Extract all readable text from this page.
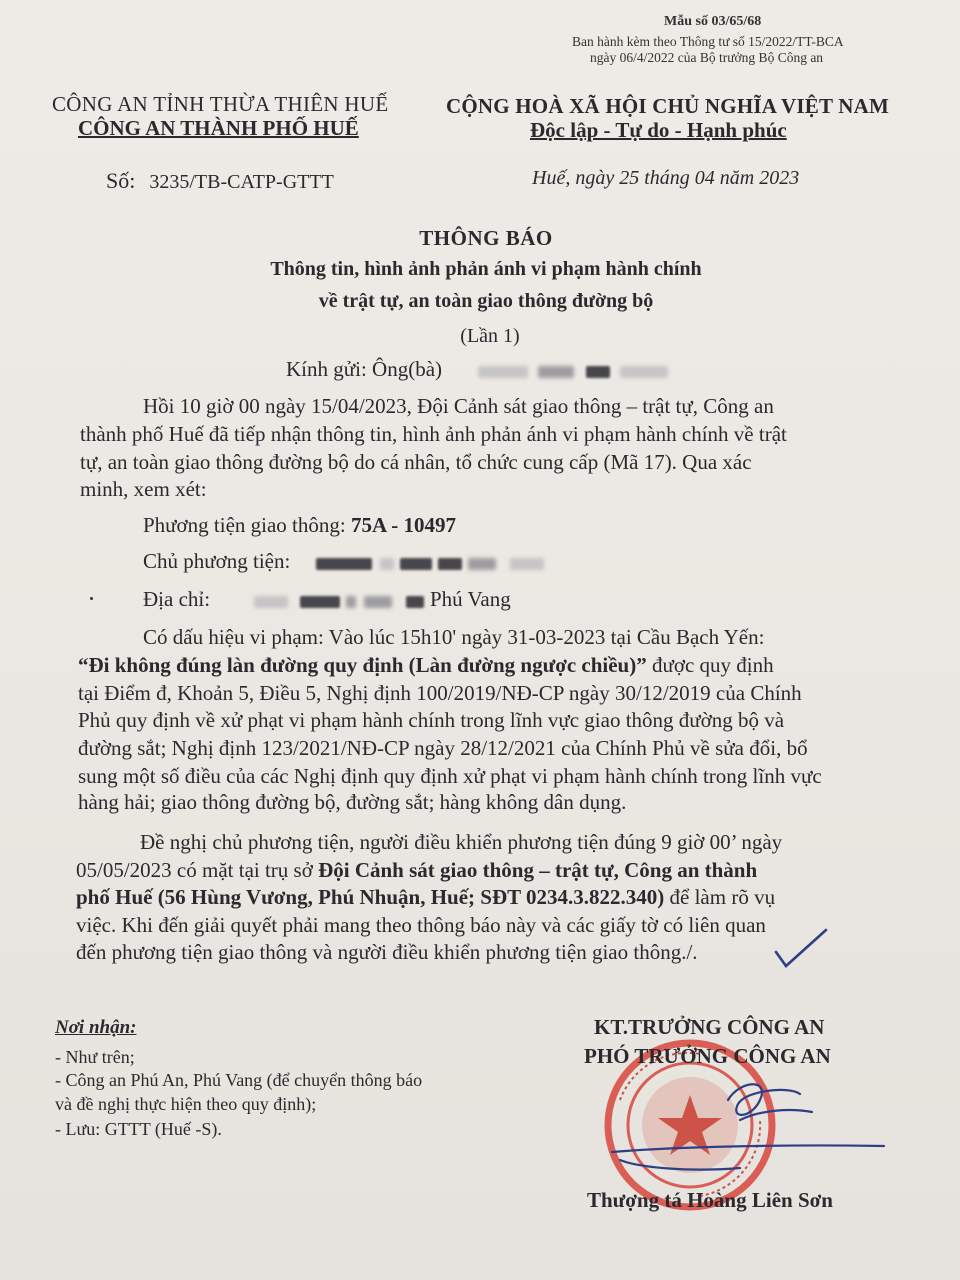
Mẫu số 03/65/68
Ban hành kèm theo Thông tư số 15/2022/TT-BCA
ngày 06/4/2022 của Bộ trưởng Bộ Công an
CÔNG AN TỈNH THỪA THIÊN HUẾ
CÔNG AN THÀNH PHỐ HUẾ
Số: 3235/TB-CATP-GTTT
CỘNG HOÀ XÃ HỘI CHỦ NGHĨA VIỆT NAM
Độc lập - Tự do - Hạnh phúc
Huế, ngày 25 tháng 04 năm 2023
THÔNG BÁO
Thông tin, hình ảnh phản ánh vi phạm hành chính
về trật tự, an toàn giao thông đường bộ
(Lần 1)
Kính gửi: Ông(bà)
Hồi 10 giờ 00 ngày 15/04/2023, Đội Cảnh sát giao thông – trật tự, Công an
thành phố Huế đã tiếp nhận thông tin, hình ảnh phản ánh vi phạm hành chính về trật
tự, an toàn giao thông đường bộ do cá nhân, tổ chức cung cấp (Mã 17). Qua xác
minh, xem xét:
Phương tiện giao thông: 75A - 10497
Chủ phương tiện:
Địa chỉ:	Phú Vang
Có dấu hiệu vi phạm: Vào lúc 15h10' ngày 31-03-2023 tại Cầu Bạch Yến:
“Đi không đúng làn đường quy định (Làn đường ngược chiều)” được quy định
tại Điểm đ, Khoản 5, Điều 5, Nghị định 100/2019/NĐ-CP ngày 30/12/2019 của Chính
Phủ quy định về xử phạt vi phạm hành chính trong lĩnh vực giao thông đường bộ và
đường sắt; Nghị định 123/2021/NĐ-CP ngày 28/12/2021 của Chính Phủ về sửa đổi, bổ
sung một số điều của các Nghị định quy định xử phạt vi phạm hành chính trong lĩnh vực
hàng hải; giao thông đường bộ, đường sắt; hàng không dân dụng.
Đề nghị chủ phương tiện, người điều khiển phương tiện đúng 9 giờ 00’ ngày
05/05/2023 có mặt tại trụ sở Đội Cảnh sát giao thông – trật tự, Công an thành
phố Huế (56 Hùng Vương, Phú Nhuận, Huế; SĐT 0234.3.822.340) để làm rõ vụ
việc. Khi đến giải quyết phải mang theo thông báo này và các giấy tờ có liên quan
đến phương tiện giao thông và người điều khiển phương tiện giao thông./.
Nơi nhận:
- Như trên;
- Công an Phú An, Phú Vang (để chuyển thông báo
và đề nghị thực hiện theo quy định);
- Lưu: GTTT (Huế -S).
KT.TRƯỞNG CÔNG AN
PHÓ TRƯỞNG CÔNG AN
Thượng tá Hoàng Liên Sơn
